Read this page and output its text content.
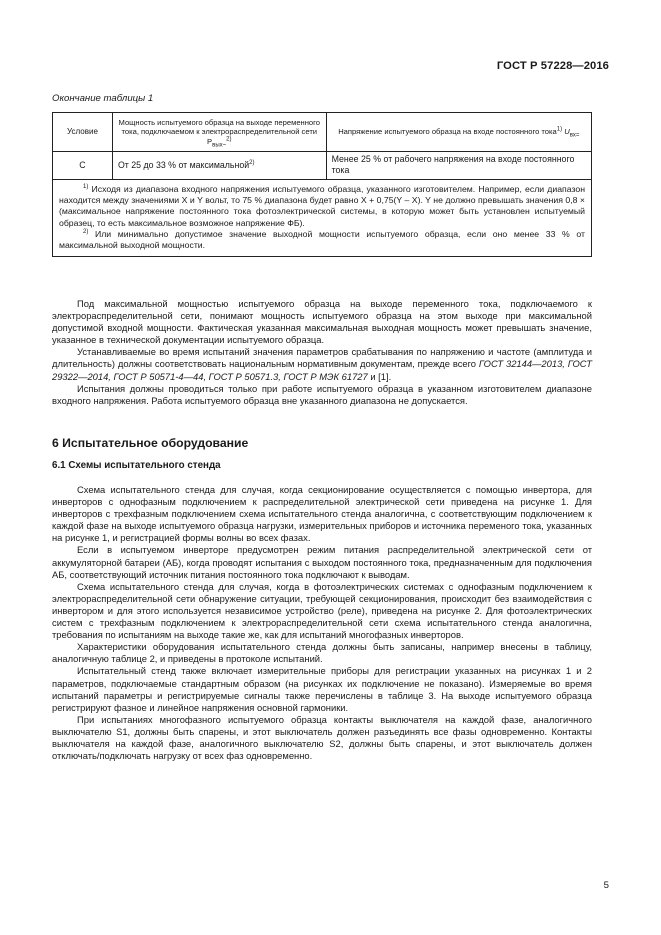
ГОСТ Р 57228—2016
Окончание таблицы 1
Условие	Мощность испытуемого образца на выходе переменного тока, подключаемом к электрораспределительной сети $P_{вых\sim}^{2)}$	Напряжение испытуемого образца на входе постоянного тока$^{1)}$ $U_{вх=}$
С	От 25 до 33 % от максимальной$^{2)}$	Менее 25 % от рабочего напряжения на входе постоянного тока

$^{1)}$ Исходя из диапазона входного напряжения испытуемого образца, указанного изготовителем. Например, если диапазон находится между значениями X и Y вольт, то 75 % диапазона будет равно X + 0,75(Y – X). Y не должно превышать значения 0,8 × (максимальное напряжение постоянного тока фотоэлектрической системы, в которую может быть установлен испытуемый образец, то есть максимальное возможное напряжение ФБ).

$^{2)}$ Или минимально допустимое значение выходной мощности испытуемого образца, если оно менее 33 % от максимальной выходной мощности.		

Под максимальной мощностью испытуемого образца на выходе переменного тока, подключаемого к электрораспределительной сети, понимают мощность испытуемого образца на этом выходе при максимальной допустимой входной мощности. Фактическая указанная максимальная выходная мощность может превышать значение, указанное в технической документации испытуемого образца.

Устанавливаемые во время испытаний значения параметров срабатывания по напряжению и частоте (амплитуда и длительность) должны соответствовать национальным нормативным документам, прежде всего ГОСТ 32144—2013, ГОСТ 29322—2014, ГОСТ Р 50571-4—44, ГОСТ Р 50571.3, ГОСТ Р МЭК 61727 и [1].

Испытания должны проводиться только при работе испытуемого образца в указанном изготовителем диапазоне входного напряжения. Работа испытуемого образца вне указанного диапазона не допускается.

6 Испытательное оборудование
6.1 Схемы испытательного стенда

Схема испытательного стенда для случая, когда секционирование осуществляется с помощью инвертора, для инверторов с однофазным подключением к распределительной электрической сети приведена на рисунке 1. Для инверторов с трехфазным подключением схема испытательного стенда аналогична, с соответствующим подключением к каждой фазе на выходе испытуемого образца нагрузки, измерительных приборов и источника переменого тока, указанных на рисунке 1, и регистрацией формы волны во всех фазах.

Если в испытуемом инверторе предусмотрен режим питания распределительной электрической сети от аккумуляторной батареи (АБ), когда проводят испытания с выходом постоянного тока, предназначенным для подключения АБ, соответствующий источник питания постоянного тока подключают к выводам.

Схема испытательного стенда для случая, когда в фотоэлектрических системах с однофазным подключением к электрораспределительной сети обнаружение ситуации, требующей секционирования, происходит без взаимодействия с инвертором и для этого используется независимое устройство (реле), приведена на рисунке 2. Для фотоэлектрических систем с трехфазным подключением к электрораспределительной сети схема испытательного стенда аналогична, требования по испытаниям на выходе такие же, как для испытаний многофазных инверторов.

Характеристики оборудования испытательного стенда должны быть записаны, например внесены в таблицу, аналогичную таблице 2, и приведены в протоколе испытаний.

Испытательный стенд также включает измерительные приборы для регистрации указанных на рисунках 1 и 2 параметров, подключаемые стандартным образом (на рисунках их подключение не показано). Измеряемые во время испытаний параметры и регистрируемые сигналы также перечислены в таблице 3. На выходе испытуемого образца регистрируют фазное и линейное напряжения основной гармоники.

При испытаниях многофазного испытуемого образца контакты выключателя на каждой фазе, аналогичного выключателю S1, должны быть спарены, и этот выключатель должен разъединять все фазы одновременно. Контакты выключателя на каждой фазе, аналогичного выключателю S2, должны быть спарены, и этот выключатель должен отключать/подключать нагрузку от всех фаз одновременно.

5
